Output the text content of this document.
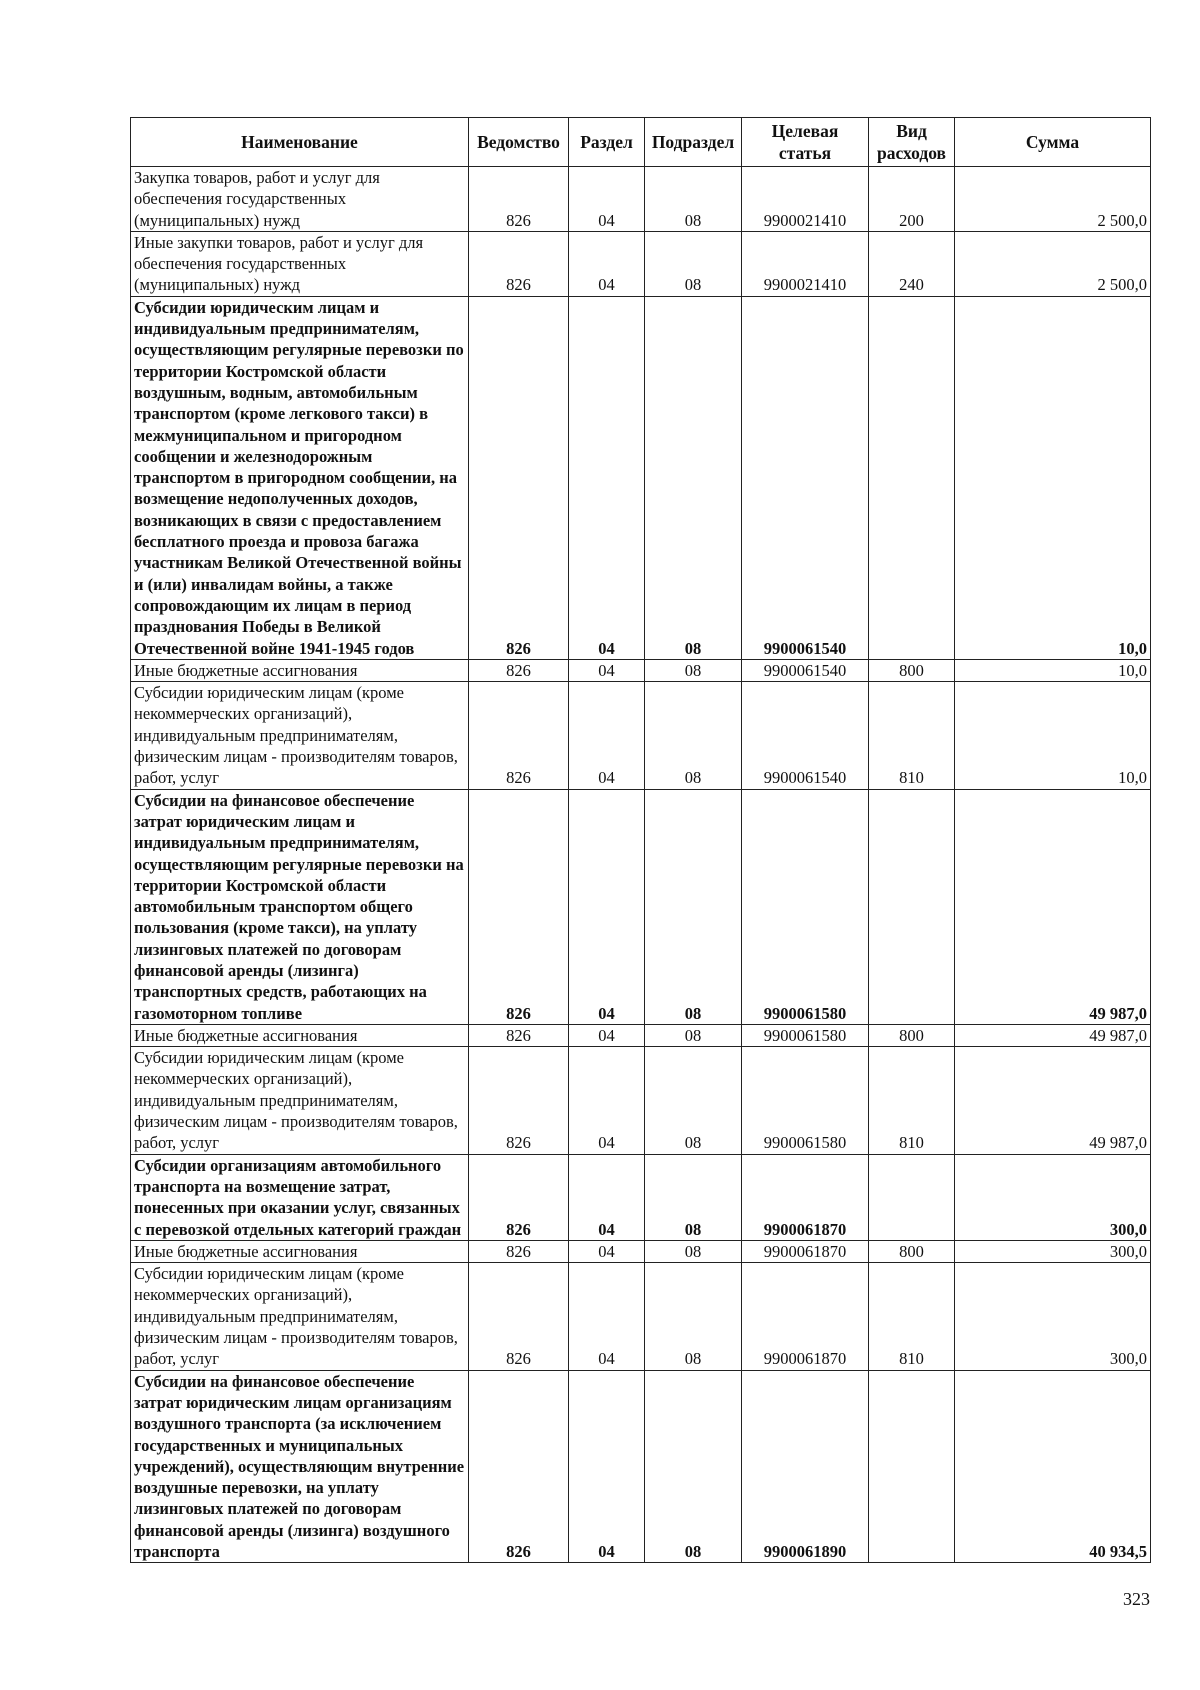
Наименование	Ведомство	Раздел	Подраздел	Целевая статья	Вид расходов	Сумма
Закупка товаров, работ и услуг для обеспечения государственных (муниципальных) нужд	826	04	08	9900021410	200	2 500,0
Иные закупки товаров, работ и услуг для обеспечения государственных (муниципальных) нужд	826	04	08	9900021410	240	2 500,0
Субсидии юридическим лицам и индивидуальным предпринимателям, осуществляющим регулярные перевозки по территории Костромской области воздушным, водным, автомобильным транспортом (кроме легкового такси) в межмуниципальном и пригородном сообщении и железнодорожным транспортом в пригородном сообщении, на возмещение недополученных доходов, возникающих в связи с предоставлением бесплатного проезда и провоза багажа участникам Великой Отечественной войны и (или) инвалидам войны, а также сопровождающим их лицам в период празднования Победы в Великой Отечественной войне 1941-1945 годов	826	04	08	9900061540		10,0
Иные бюджетные ассигнования	826	04	08	9900061540	800	10,0
Субсидии юридическим лицам (кроме некоммерческих организаций), индивидуальным предпринимателям, физическим лицам - производителям товаров, работ, услуг	826	04	08	9900061540	810	10,0
Субсидии на финансовое обеспечение затрат юридическим лицам и индивидуальным предпринимателям, осуществляющим регулярные перевозки на территории Костромской области автомобильным транспортом общего пользования (кроме такси), на уплату лизинговых платежей по договорам финансовой аренды (лизинга) транспортных средств, работающих на газомоторном топливе	826	04	08	9900061580		49 987,0
Иные бюджетные ассигнования	826	04	08	9900061580	800	49 987,0
Субсидии юридическим лицам (кроме некоммерческих организаций), индивидуальным предпринимателям, физическим лицам - производителям товаров, работ, услуг	826	04	08	9900061580	810	49 987,0
Субсидии организациям автомобильного транспорта на возмещение затрат, понесенных при оказании услуг, связанных с перевозкой отдельных категорий граждан	826	04	08	9900061870		300,0
Иные бюджетные ассигнования	826	04	08	9900061870	800	300,0
Субсидии юридическим лицам (кроме некоммерческих организаций), индивидуальным предпринимателям, физическим лицам - производителям товаров, работ, услуг	826	04	08	9900061870	810	300,0
Субсидии на финансовое обеспечение затрат юридическим лицам организациям воздушного транспорта (за исключением государственных и муниципальных учреждений), осуществляющим внутренние воздушные перевозки, на уплату лизинговых платежей по договорам финансовой аренды (лизинга) воздушного транспорта	826	04	08	9900061890		40 934,5
323
